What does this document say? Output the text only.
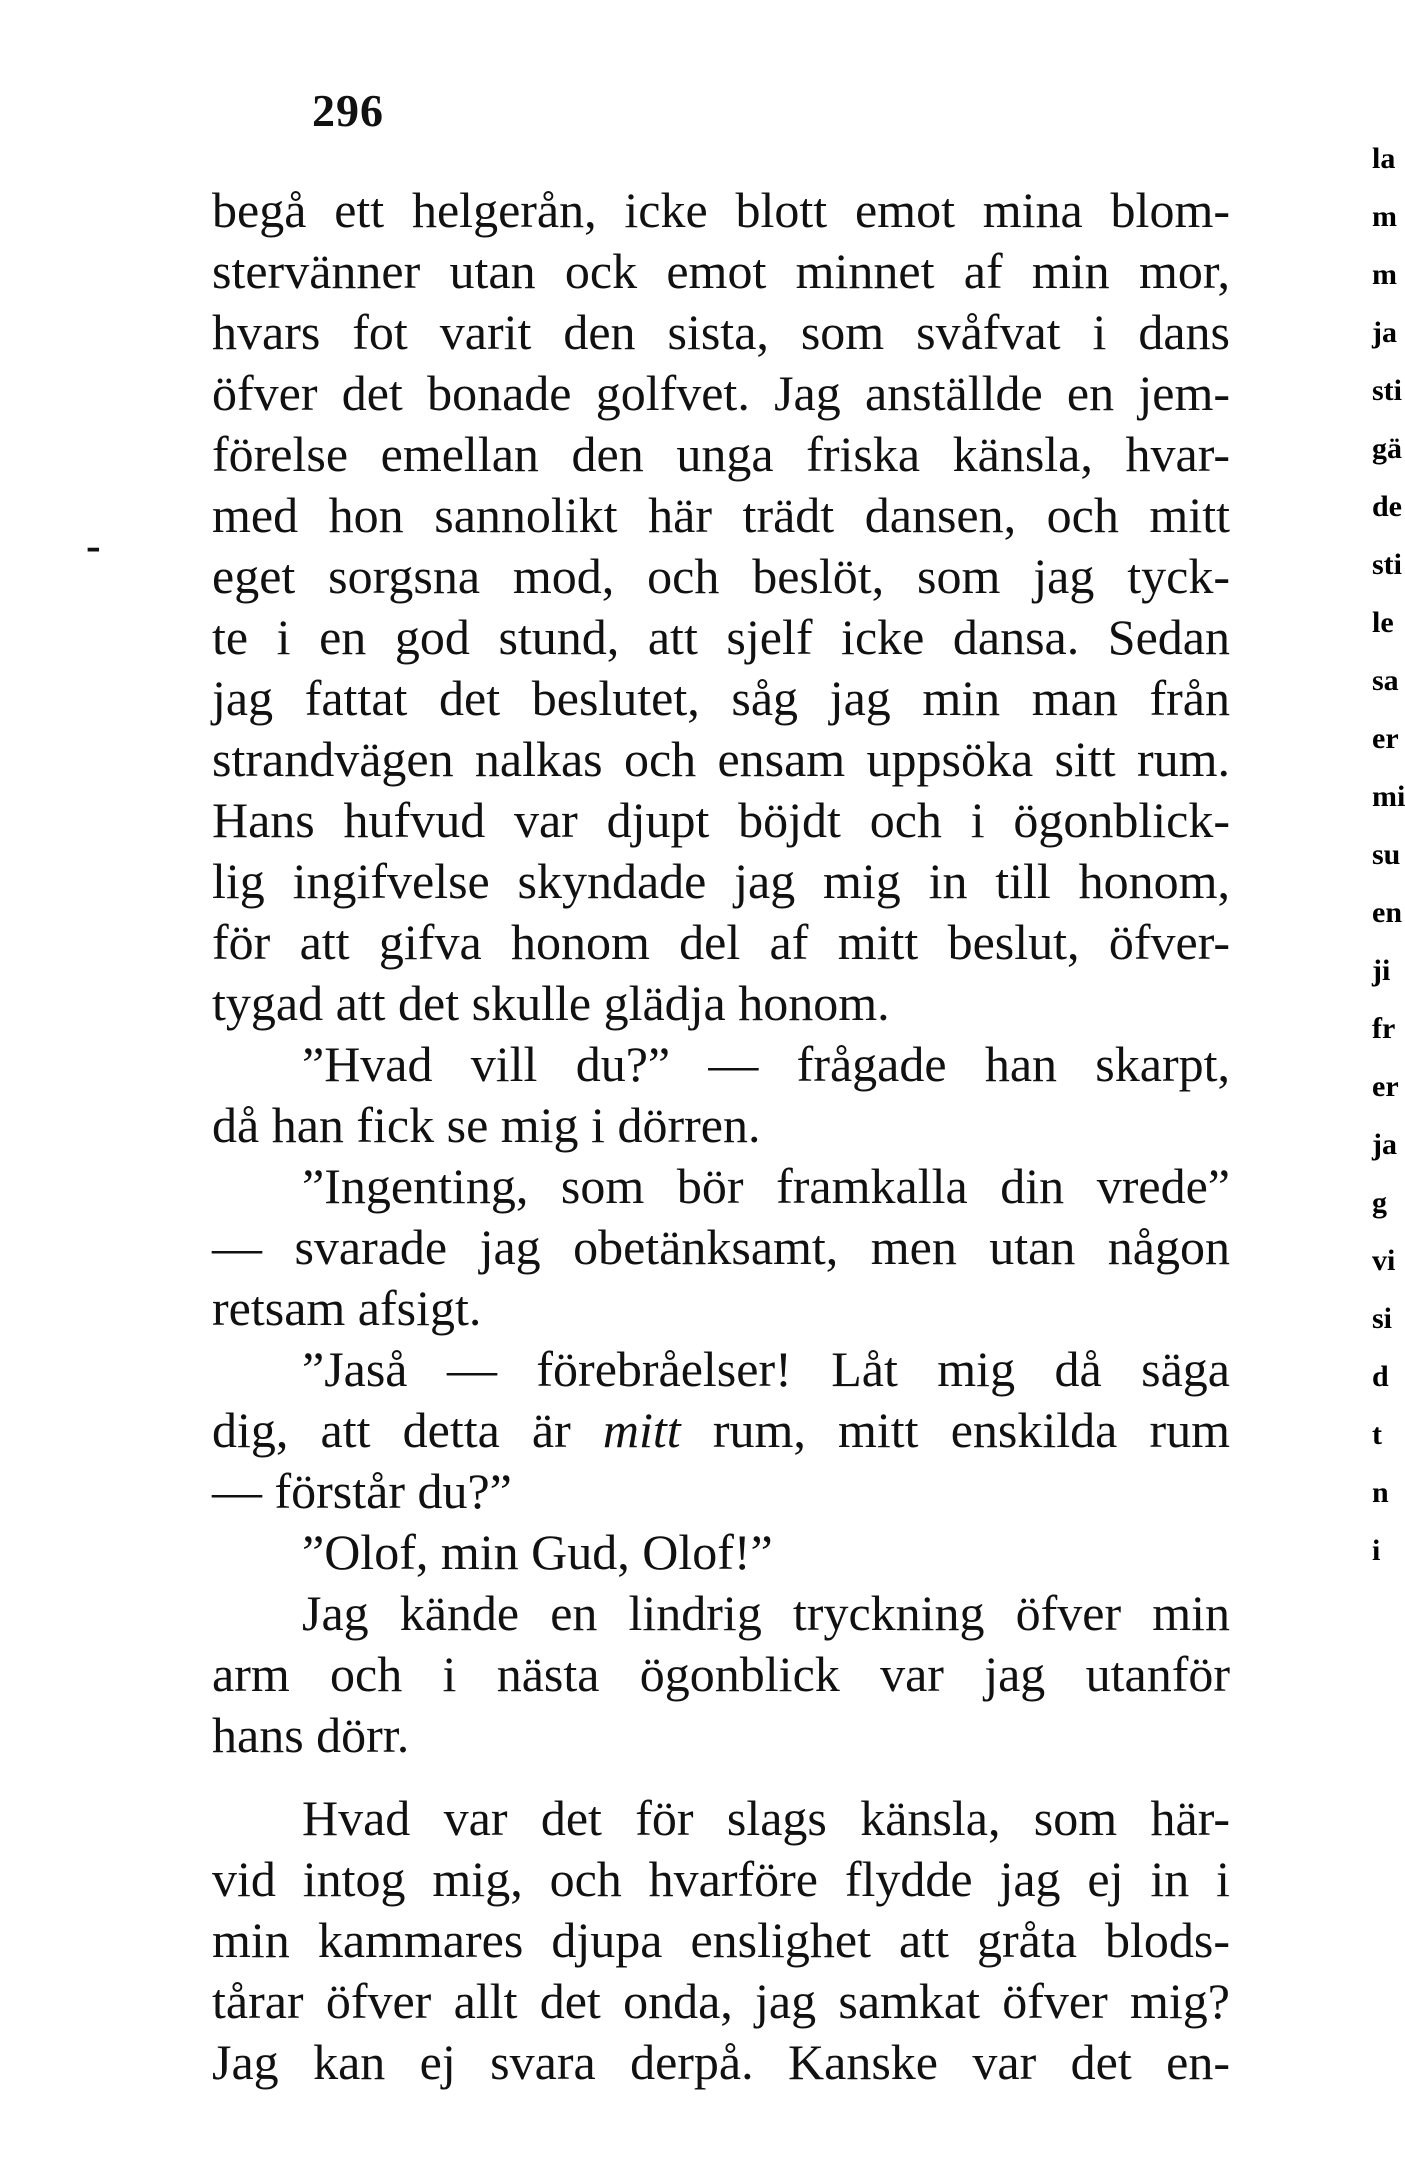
296
-
begå ett helgerån, icke blott emot mina blom-
stervänner utan ock emot minnet af min mor,
hvars fot varit den sista, som svåfvat i dans
öfver det bonade golfvet. Jag anställde en jem-
förelse emellan den unga friska känsla, hvar-
med hon sannolikt här trädt dansen, och mitt
eget sorgsna mod, och beslöt, som jag tyck-
te i en god stund, att sjelf icke dansa. Sedan
jag fattat det beslutet, såg jag min man från
strandvägen nalkas och ensam uppsöka sitt rum.
Hans hufvud var djupt böjdt och i ögonblick-
lig ingifvelse skyndade jag mig in till honom,
för att gifva honom del af mitt beslut, öfver-
tygad att det skulle glädja honom.
”Hvad vill du?” — frågade han skarpt,
då han fick se mig i dörren.
”Ingenting, som bör framkalla din vrede”
— svarade jag obetänksamt, men utan någon
retsam afsigt.
”Jaså — förebråelser! Låt mig då säga
dig, att detta är mitt rum, mitt enskilda rum
— förstår du?”
”Olof, min Gud, Olof!”
Jag kände en lindrig tryckning öfver min
arm och i nästa ögonblick var jag utanför
hans dörr.
Hvad var det för slags känsla, som här-
vid intog mig, och hvarföre flydde jag ej in i
min kammares djupa enslighet att gråta blods-
tårar öfver allt det onda, jag samkat öfver mig?
Jag kan ej svara derpå. Kanske var det en-
la
m
m
ja
sti
gä
de
sti
le
sa
er
mi
su
en
ji
fr
er
ja
g
vi
si
d
t
n
i
